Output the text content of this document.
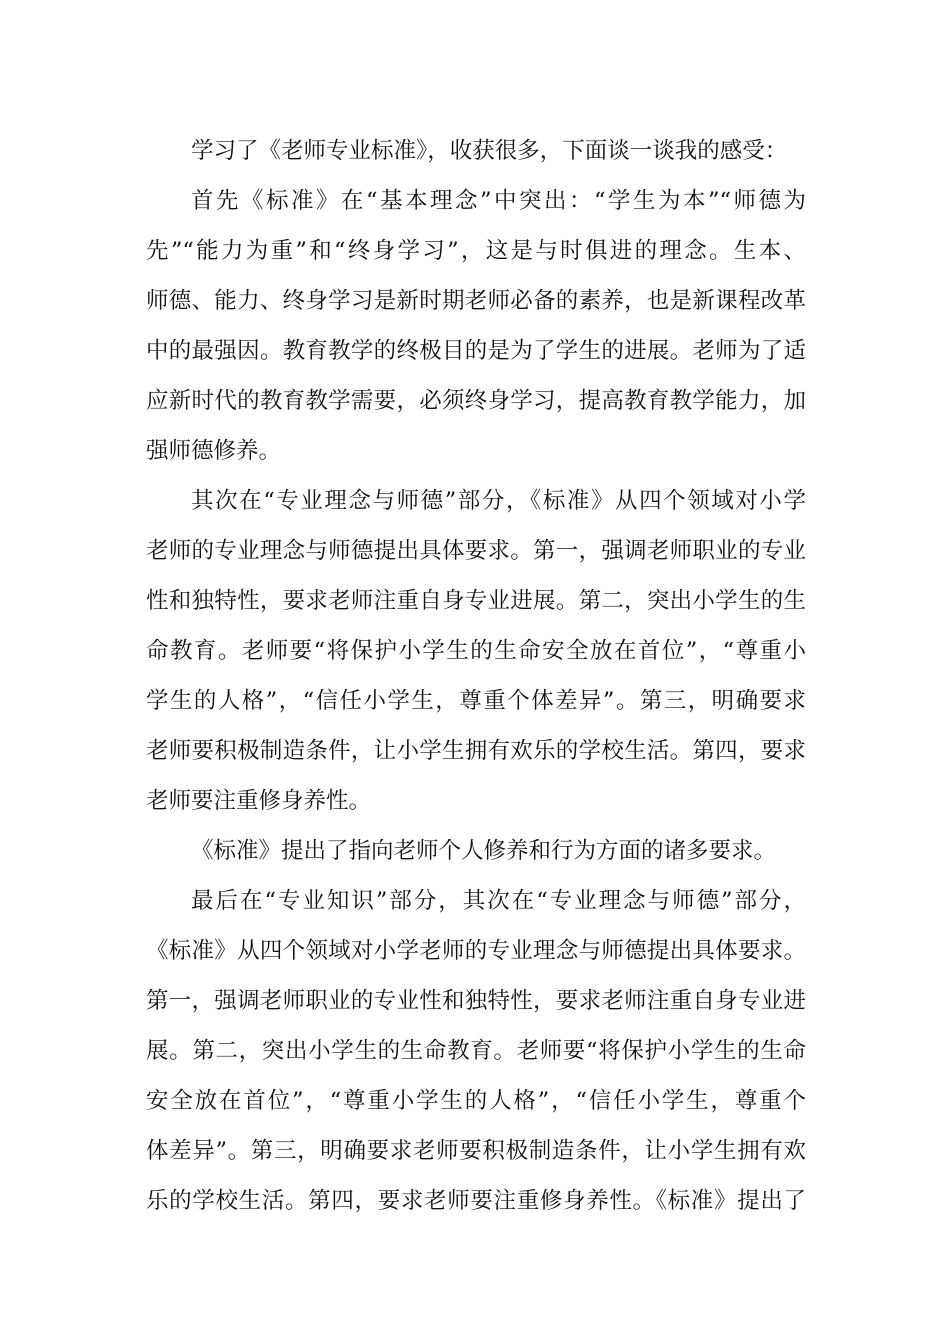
学习了《老师专业标准》，收获很多，下面谈一谈我的感受：
首先《标准》在“基本理念”中突出：“学生为本”“师德为
先”“能力为重”和“终身学习”，这是与时俱进的理念。生本、
师德、能力、终身学习是新时期老师必备的素养，也是新课程改革
中的最强因。教育教学的终极目的是为了学生的进展。老师为了适
应新时代的教育教学需要，必须终身学习，提高教育教学能力，加
强师德修养。
其次在“专业理念与师德”部分，《标准》从四个领域对小学
老师的专业理念与师德提出具体要求。第一，强调老师职业的专业
性和独特性，要求老师注重自身专业进展。第二，突出小学生的生
命教育。老师要“将保护小学生的生命安全放在首位”，“尊重小
学生的人格”，“信任小学生，尊重个体差异”。第三，明确要求
老师要积极制造条件，让小学生拥有欢乐的学校生活。第四，要求
老师要注重修身养性。
《标准》提出了指向老师个人修养和行为方面的诸多要求。
最后在“专业知识”部分，其次在“专业理念与师德”部分，
《标准》从四个领域对小学老师的专业理念与师德提出具体要求。
第一，强调老师职业的专业性和独特性，要求老师注重自身专业进
展。第二，突出小学生的生命教育。老师要“将保护小学生的生命
安全放在首位”，“尊重小学生的人格”，“信任小学生，尊重个
体差异”。第三，明确要求老师要积极制造条件，让小学生拥有欢
乐的学校生活。第四，要求老师要注重修身养性。《标准》提出了
